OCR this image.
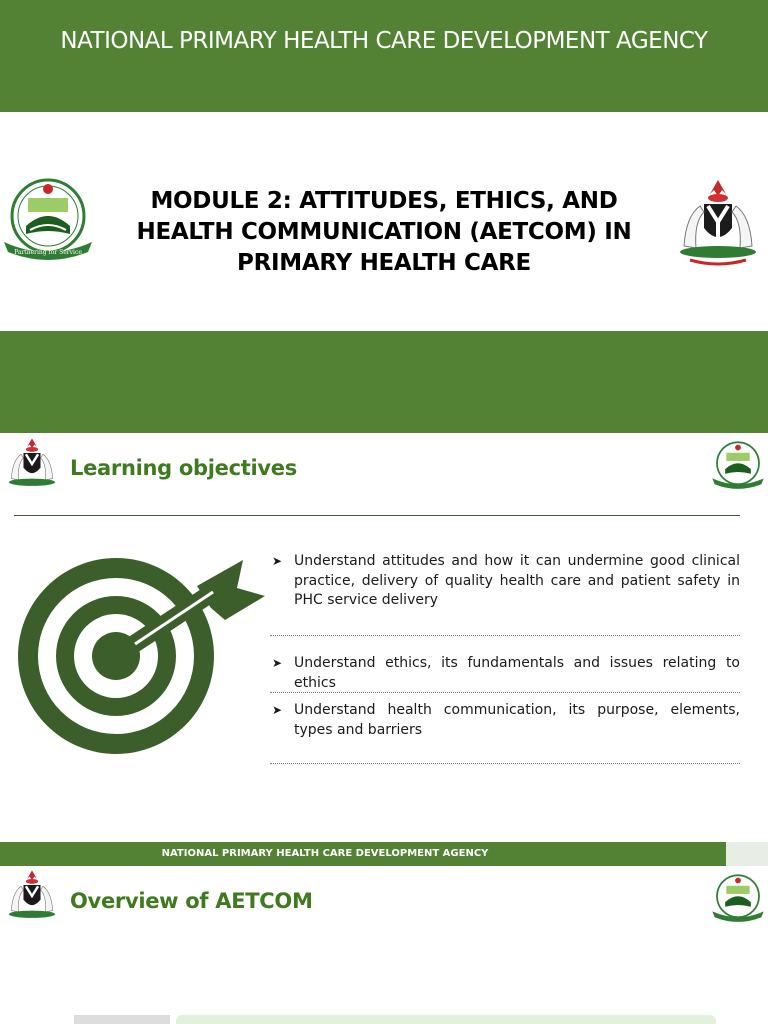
NATIONAL PRIMARY HEALTH CARE DEVELOPMENT AGENCY
Partnering for Service
MODULE 2: ATTITUDES, ETHICS, AND HEALTH COMMUNICATION (AETCOM) IN PRIMARY HEALTH CARE
Learning objectives
➤ Understand attitudes and how it can undermine good clinical practice, delivery of quality health care and patient safety in PHC service delivery
➤ Understand ethics, its fundamentals and issues relating to ethics
➤ Understand health communication, its purpose, elements, types and barriers
NATIONAL PRIMARY HEALTH CARE DEVELOPMENT AGENCY
Overview of AETCOM
